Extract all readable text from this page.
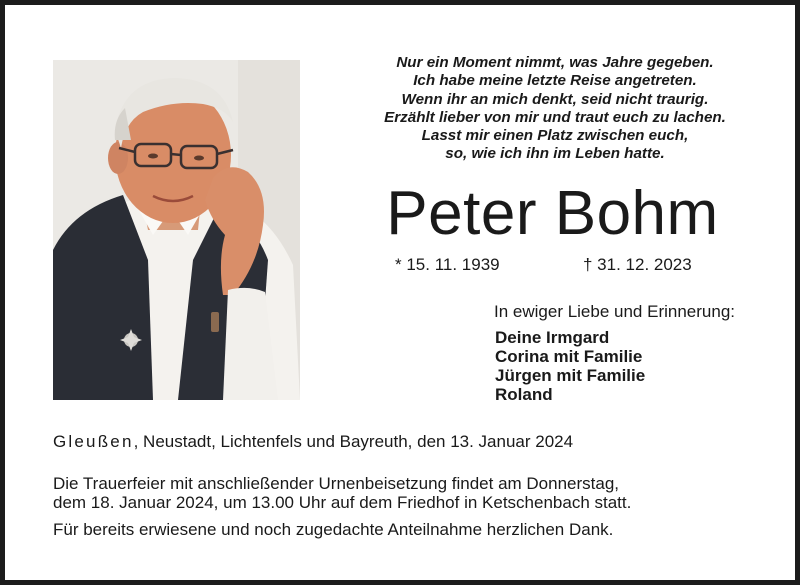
Nur ein Moment nimmt, was Jahre gegeben.
Ich habe meine letzte Reise angetreten.
Wenn ihr an mich denkt, seid nicht traurig.
Erzählt lieber von mir und traut euch zu lachen.
Lasst mir einen Platz zwischen euch,
so, wie ich ihn im Leben hatte.
Peter Bohm
* 15. 11. 1939	† 31. 12. 2023
In ewiger Liebe und Erinnerung:
Deine Irmgard
Corina mit Familie
Jürgen mit Familie
Roland
Gleußen, Neustadt, Lichtenfels und Bayreuth, den 13. Januar 2024
Die Trauerfeier mit anschließender Urnenbeisetzung findet am Donnerstag,
dem 18. Januar 2024, um 13.00 Uhr auf dem Friedhof in Ketschenbach statt.
Für bereits erwiesene und noch zugedachte Anteilnahme herzlichen Dank.
